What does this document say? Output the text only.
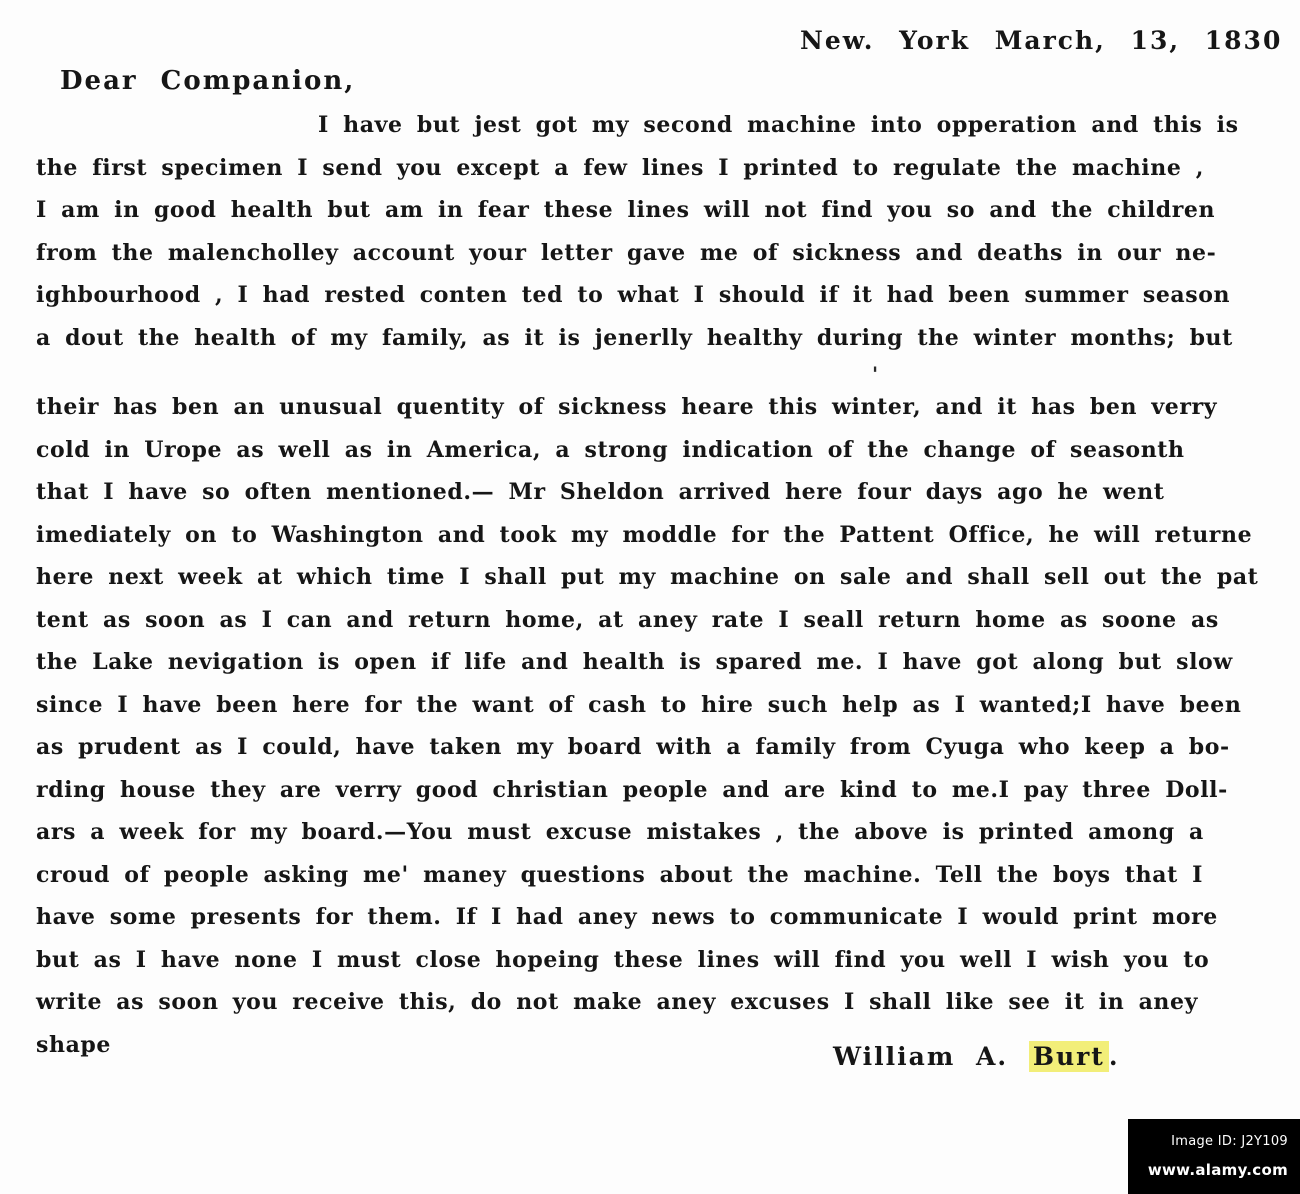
New. York March, 13, 1830
Dear Companion,
I have but jest got my second machine into opperation and this is
the first specimen I send you except a few lines I printed to regulate the machine ,
I am in good health but am in fear these lines will not find you so and the children
from the malencholley account your letter gave me of sickness and deaths in our ne-
ighbourhood , I had rested conten ted to what I should if it had been summer season
a dout the health of my family, as it is jenerlly healthy during the winter months; but
'
their has ben an unusual quentity of sickness heare this winter, and it has ben verry
cold in Urope as well as in America, a strong indication of the change of seasonth
that I have so often mentioned.— Mr Sheldon arrived here four days ago he went
imediately on to Washington and took my moddle for the Pattent Office, he will returne
here next week at which time I shall put my machine on sale and shall sell out the pat
tent as soon as I can and return home, at aney rate I seall return home as soone as
the Lake nevigation is open if life and health is spared me. I have got along but slow
since I have been here for the want of cash to hire such help as I wanted;I have been
as prudent as I could, have taken my board with a family from Cyuga who keep a bo-
rding house they are verry good christian people and are kind to me.I pay three Doll-
ars a week for my board.—You must excuse mistakes , the above is printed among a
croud of people asking me' maney questions about the machine. Tell the boys that I
have some presents for them. If I had aney news to communicate I would print more
but as I have none I must close hopeing these lines will find you well I wish you to
write as soon you receive this, do not make aney excuses I shall like see it in aney
shape	William A. Burt .
Image ID: J2Y109
www.alamy.com
